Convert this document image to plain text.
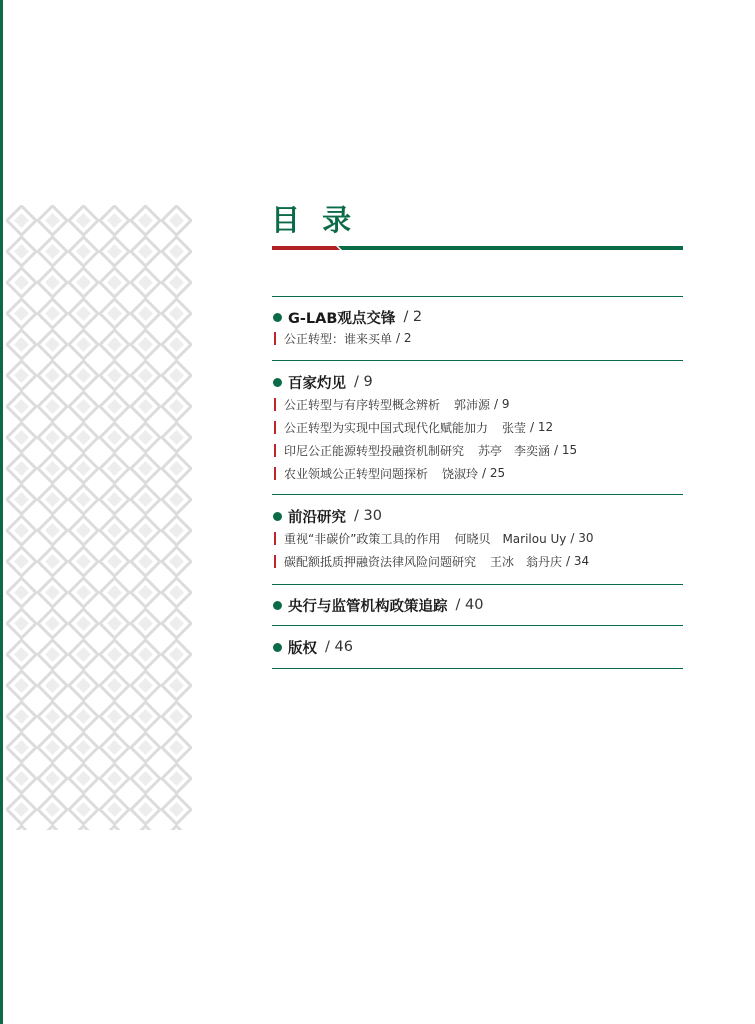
目 录
G-LAB观点交锋 / 2
公正转型：谁来买单 / 2
百家灼见 / 9
公正转型与有序转型概念辨析 郭沛源 / 9
公正转型为实现中国式现代化赋能加力 张莹 / 12
印尼公正能源转型投融资机制研究 苏亭　李奕涵 / 15
农业领域公正转型问题探析 饶淑玲 / 25
前沿研究 / 30
重视“非碳价”政策工具的作用 何晓贝　Marilou Uy / 30
碳配额抵质押融资法律风险问题研究 王冰　翁丹庆 / 34
央行与监管机构政策追踪 / 40
版权 / 46
